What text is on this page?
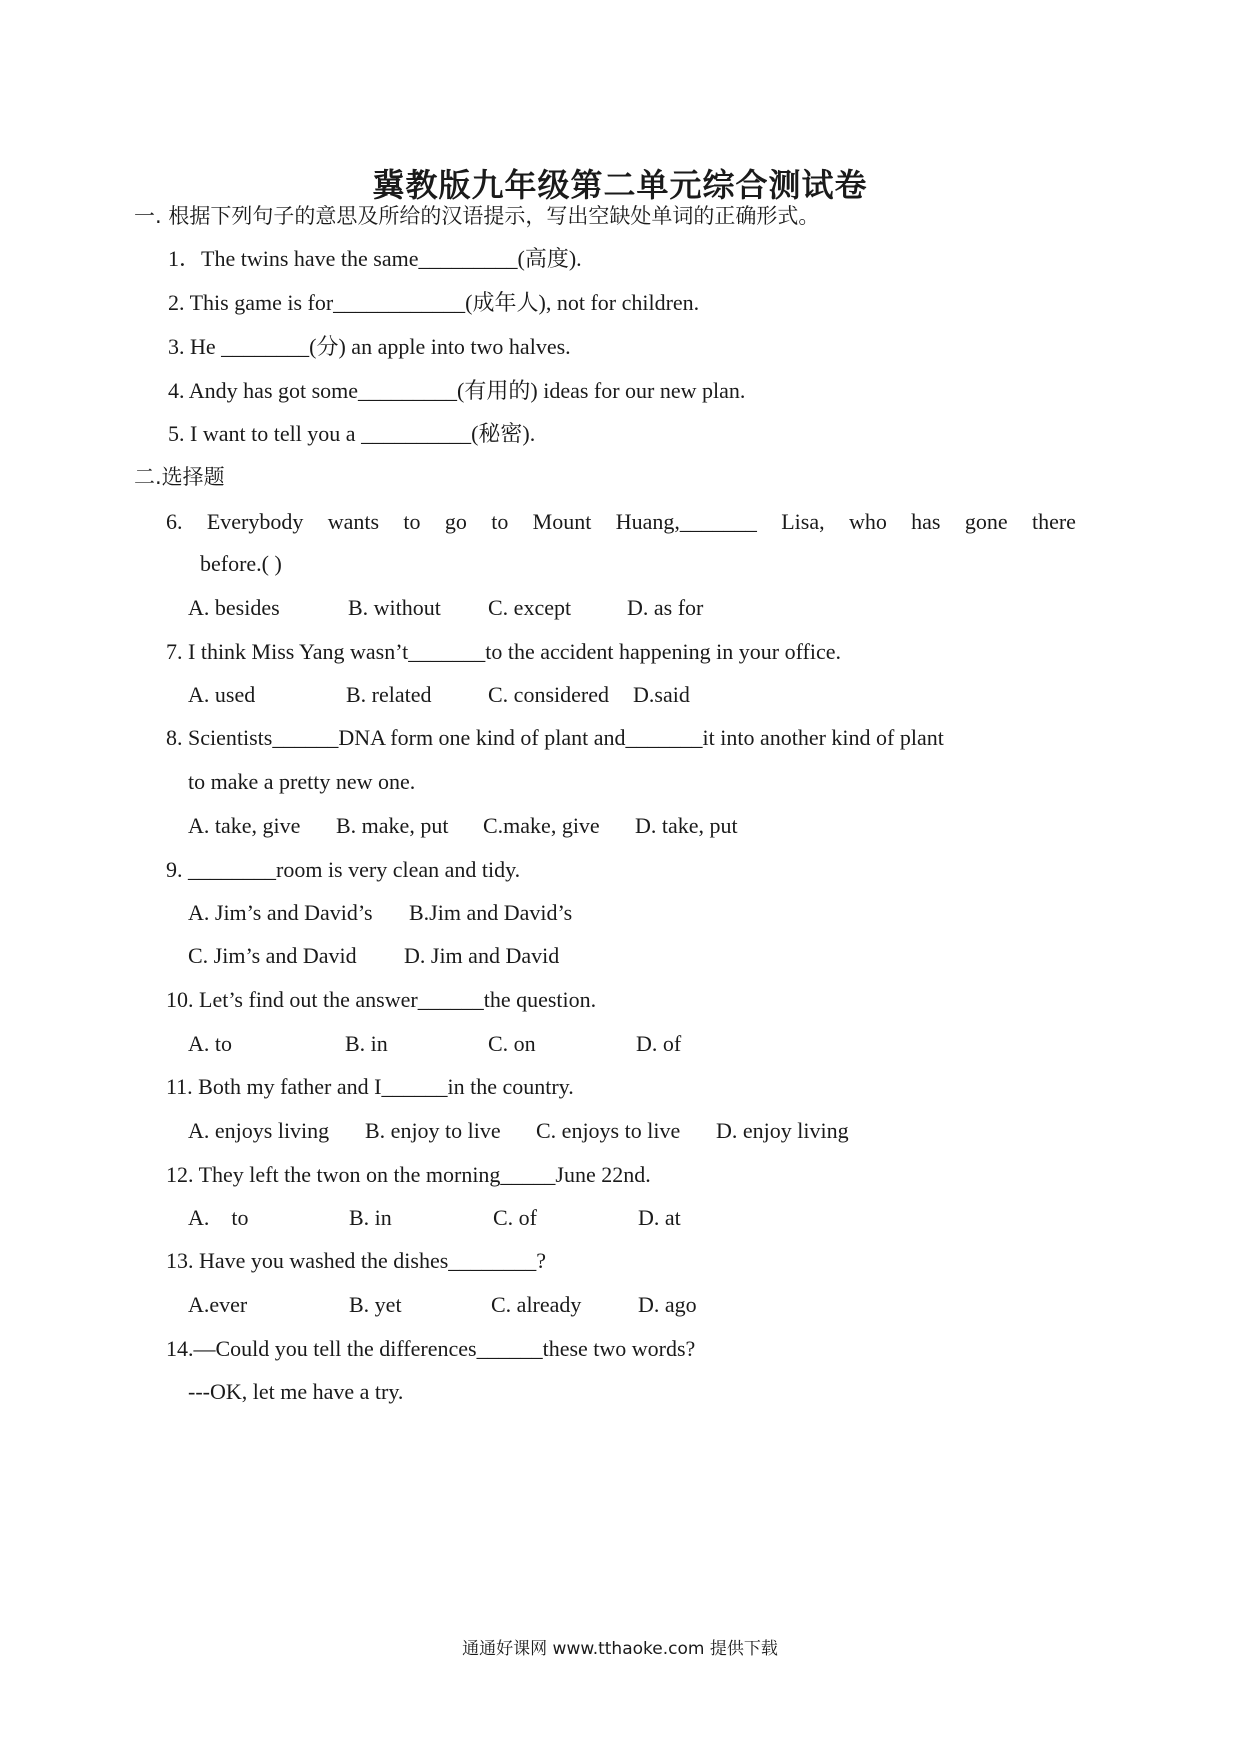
冀教版九年级第二单元综合测试卷
一. 根据下列句子的意思及所给的汉语提示，写出空缺处单词的正确形式。
1．The twins have the same_________(高度).
2. This game is for____________(成年人), not for children.
3. He ________(分) an apple into two halves.
4. Andy has got some_________(有用的) ideas for our new plan.
5. I want to tell you a __________(秘密).
二.选择题
6. Everybody wants to go to Mount Huang,_______ Lisa, who has gone there
before.( )
A. besides	B. without C. except	D. as for
7. I think Miss Yang wasn’t_______to the accident happening in your office.
A. used	B. related	C. considered D.said
8. Scientists______DNA form one kind of plant and_______it into another kind of plant
to make a pretty new one.
A. take, give B. make, put C.make, give D. take, put
9. ________room is very clean and tidy.
A. Jim’s and David’s B.Jim and David’s
C. Jim’s and David D. Jim and David
10. Let’s find out the answer______the question.
A. to	B. in	C. on	D. of
11. Both my father and I______in the country.
A. enjoys living B. enjoy to live C. enjoys to live D. enjoy living
12. They left the twon on the morning_____June 22nd.
A.    to	B. in	C. of	D. at
13. Have you washed the dishes________?
A.ever	B. yet	C. already	D. ago
14.—Could you tell the differences______these two words?
---OK, let me have a try.
通通好课网 www.tthaoke.com 提供下载
